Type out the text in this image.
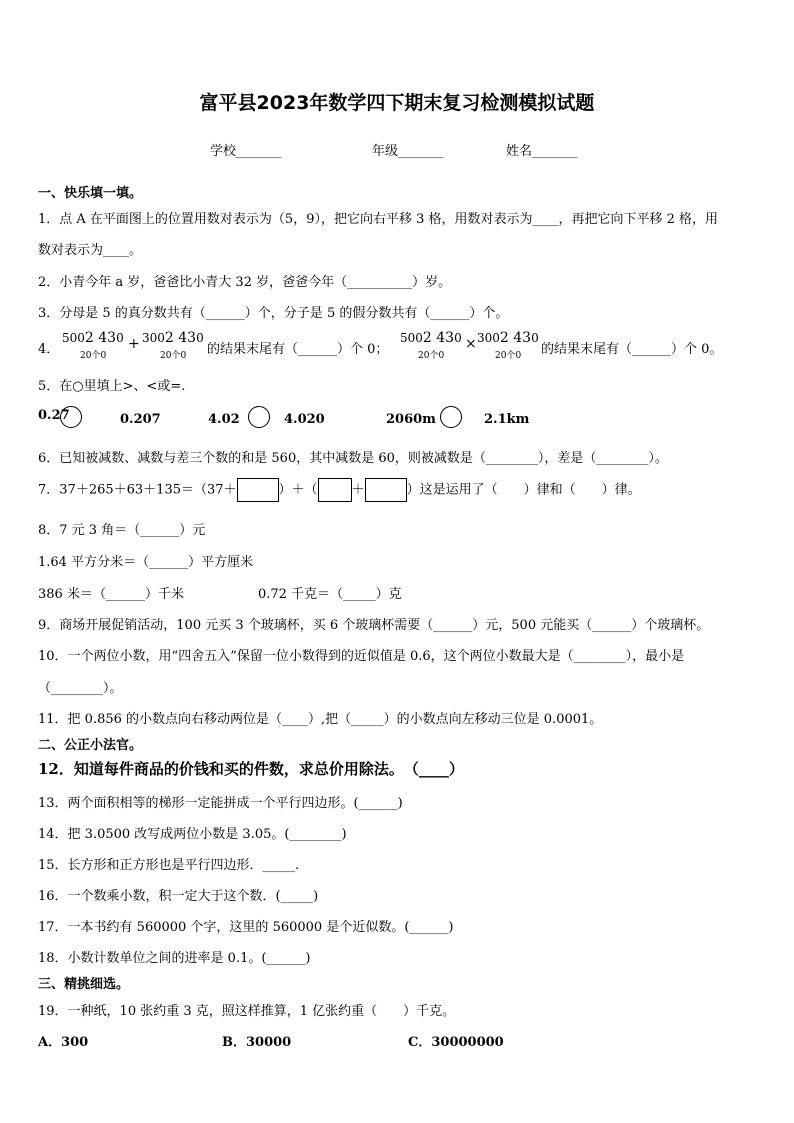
富平县2023年数学四下期末复习检测模拟试题
学校_______	年级_______	姓名_______
一、快乐填一填。
1．点 A 在平面图上的位置用数对表示为（5，9），把它向右平移 3 格，用数对表示为____，再把它向下平移 2 格，用
数对表示为____。
2．小青今年 a 岁，爸爸比小青大 32 岁，爸爸今年（__________）岁。
3．分母是 5 的真分数共有（______）个，分子是 5 的假分数共有（______）个。
4．
5002 430
20个0
+ 3002 430
20个0 的结果末尾有（______）个 0；
5002 430
20个0
× 3002 430
20个0 的结果末尾有（______）个 0。
5．在○里填上>、<或=.
0.27	0.207	4.02	4.020	2060m	2.1km
6．已知被减数、减数与差三个数的和是 560，其中减数是 60，则被减数是（________），差是（________）。
7．37＋265＋63＋135＝（37＋	）＋（	＋	）这是运用了（　　）律和（　　）律。
8．7 元 3 角＝（______）元
1.64 平方分米＝（______）平方厘米
386 米＝（______）千米	0.72 千克＝（_____）克
9．商场开展促销活动，100 元买 3 个玻璃杯，买 6 个玻璃杯需要（______）元，500 元能买（______）个玻璃杯。
10．一个两位小数，用“四舍五入”保留一位小数得到的近似值是 0.6，这个两位小数最大是（________），最小是
（________）。
11．把 0.856 的小数点向右移动两位是（____）,把（_____）的小数点向左移动三位是 0.0001。
二、公正小法官。
12．知道每件商品的价钱和买的件数，求总价用除法。　（____）
13．两个面积相等的梯形一定能拼成一个平行四边形。(______)
14．把 3.0500 改写成两位小数是 3.05。(________)
15．长方形和正方形也是平行四边形．_____.
16．一个数乘小数，积一定大于这个数．(_____)
17．一本书约有 560000 个字，这里的 560000 是个近似数。(______)
18．小数计数单位之间的进率是 0.1。(______)
三、精挑细选。
19．一种纸，10 张约重 3 克，照这样推算，1 亿张约重（　　）千克。
A．300	B．30000	C．30000000
